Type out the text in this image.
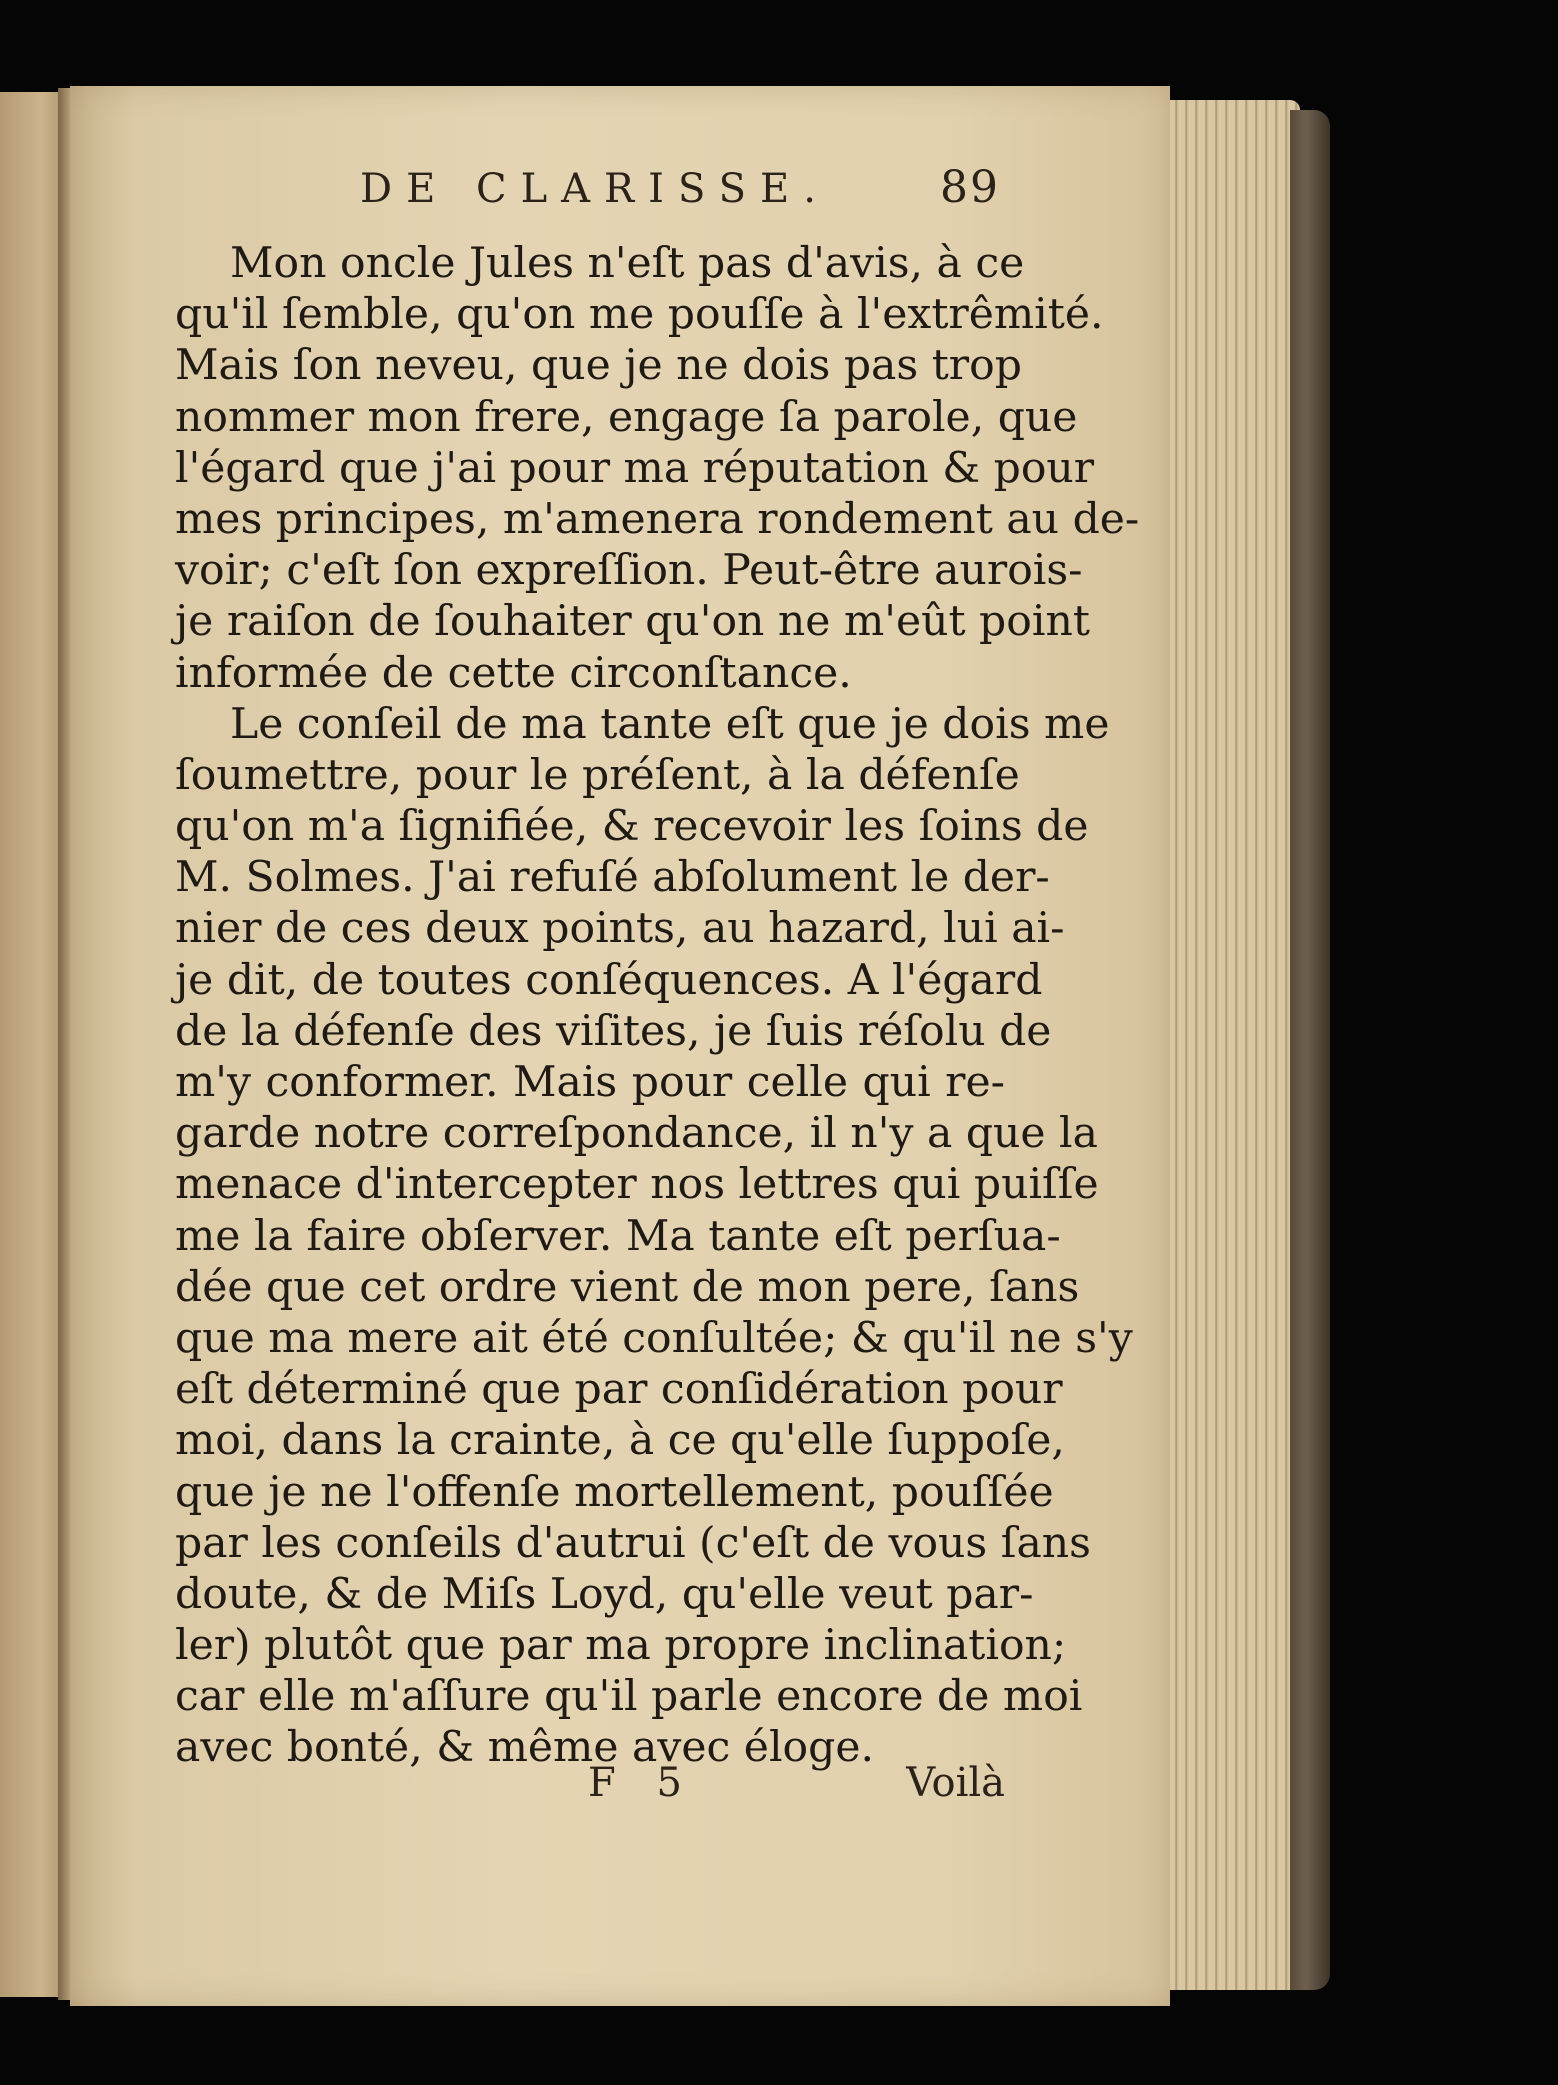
DE CLARISSE.	89
Mon oncle Jules n'eſt pas d'avis, à ce
qu'il ſemble, qu'on me pouſſe à l'extrêmité.
Mais ſon neveu, que je ne dois pas trop
nommer mon frere, engage ſa parole, que
l'égard que j'ai pour ma réputation & pour
mes principes, m'amenera rondement au de-
voir; c'eſt ſon expreſſion. Peut-être aurois-
je raiſon de ſouhaiter qu'on ne m'eût point
informée de cette circonſtance.
Le conſeil de ma tante eſt que je dois me
ſoumettre, pour le préſent, à la défenſe
qu'on m'a ſignifiée, & recevoir les ſoins de
M. Solmes. J'ai refuſé abſolument le der-
nier de ces deux points, au hazard, lui ai-
je dit, de toutes conſéquences. A l'égard
de la défenſe des viſites, je ſuis réſolu de
m'y conformer. Mais pour celle qui re-
garde notre correſpondance, il n'y a que la
menace d'intercepter nos lettres qui puiſſe
me la faire obſerver. Ma tante eſt perſua-
dée que cet ordre vient de mon pere, ſans
que ma mere ait été conſultée; & qu'il ne s'y
eſt déterminé que par conſidération pour
moi, dans la crainte, à ce qu'elle ſuppoſe,
que je ne l'offenſe mortellement, pouſſée
par les conſeils d'autrui (c'eſt de vous ſans
doute, & de Miſs Loyd, qu'elle veut par-
ler) plutôt que par ma propre inclination;
car elle m'aſſure qu'il parle encore de moi
avec bonté, & même avec éloge.
F 5	Voilà
